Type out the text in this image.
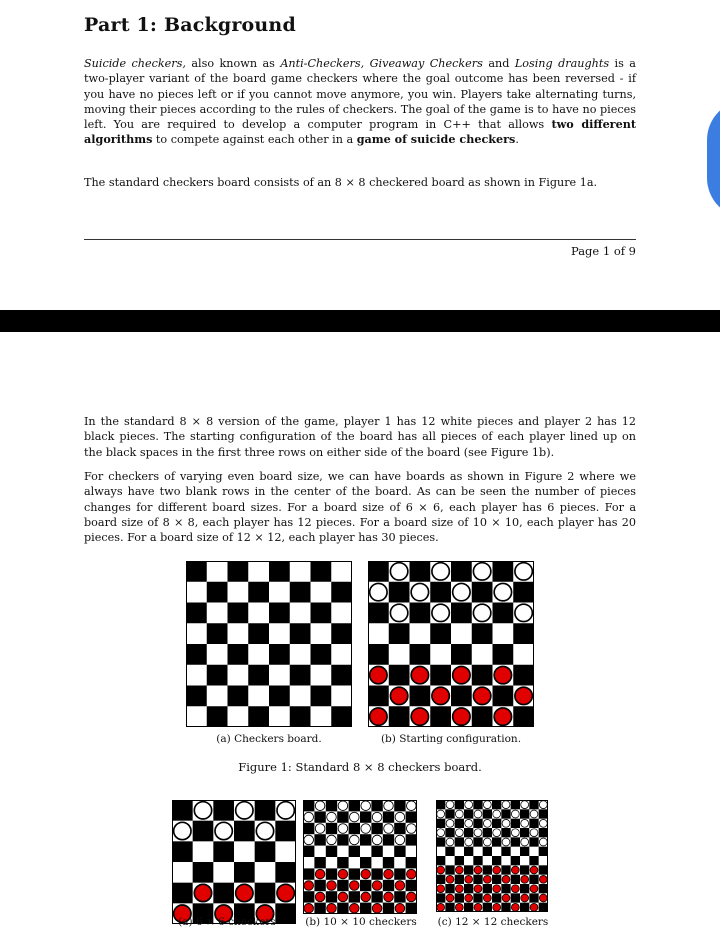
Part 1: Background

Suicide checkers, also known as Anti-Checkers, Giveaway Checkers and Losing draughts is a two-player variant of the board game checkers where the goal outcome has been reversed - if you have no pieces left or if you cannot move anymore, you win. Players take alternating turns, moving their pieces according to the rules of checkers. The goal of the game is to have no pieces left. You are required to develop a computer program in C++ that allows two different algorithms to compete against each other in a game of suicide checkers.

The standard checkers board consists of an 8 × 8 checkered board as shown in Figure 1a.

Page 1 of 9

In the standard 8 × 8 version of the game, player 1 has 12 white pieces and player 2 has 12 black pieces. The starting configuration of the board has all pieces of each player lined up on the black spaces in the first three rows on either side of the board (see Figure 1b).

For checkers of varying even board size, we can have boards as shown in Figure 2 where we always have two blank rows in the center of the board. As can be seen the number of pieces changes for different board sizes. For a board size of 6 × 6, each player has 6 pieces. For a board size of 8 × 8, each player has 12 pieces. For a board size of 10 × 10, each player has 20 pieces. For a board size of 12 × 12, each player has 30 pieces.

(a) Checkers board.	(b) Starting configuration.
Figure 1: Standard 8 × 8 checkers board.
(a) 6 × 6 checkers	(b) 10 × 10 checkers	(c) 12 × 12 checkers
